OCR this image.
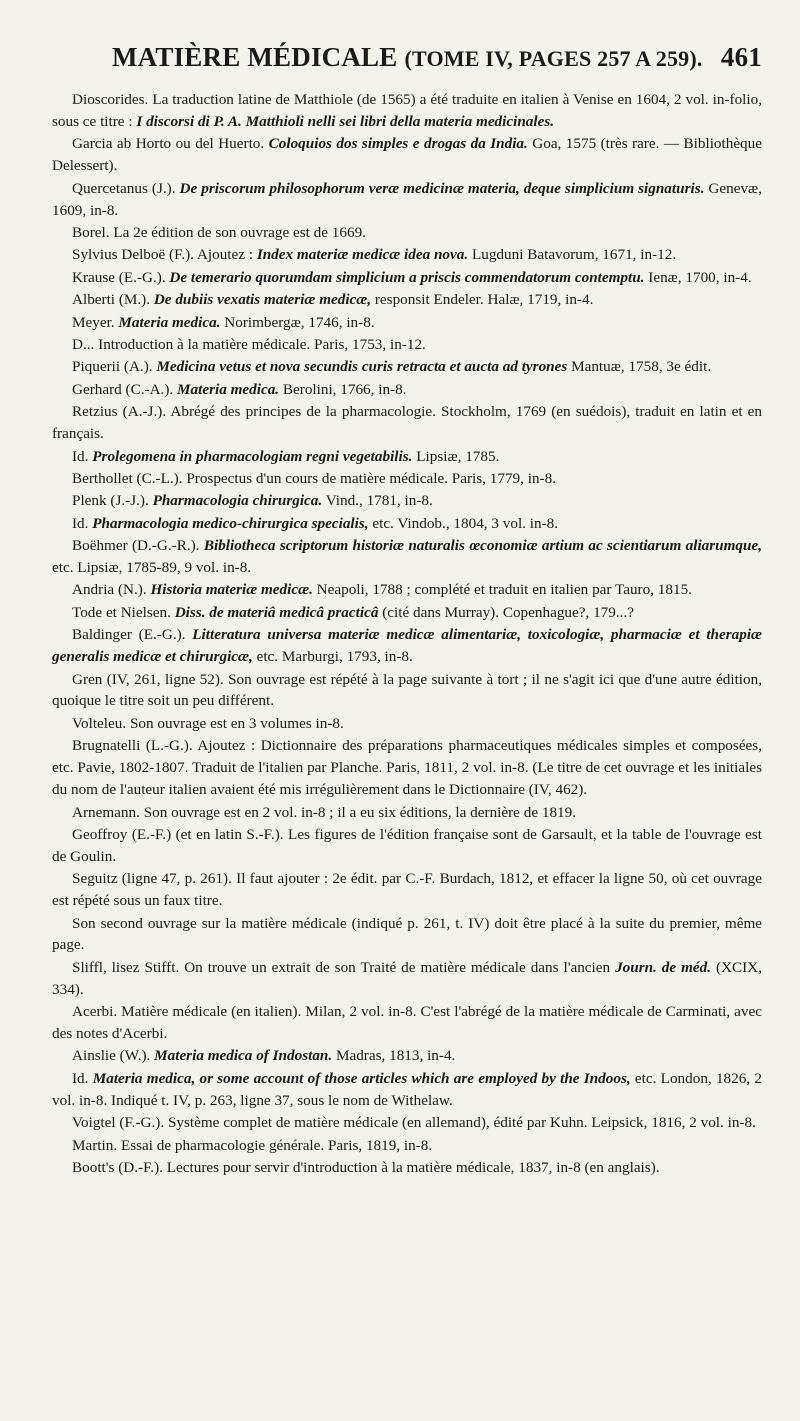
MATIÈRE MÉDICALE (TOME IV, PAGES 257 A 259). 461

Dioscorides. La traduction latine de Matthiole (de 1565) a été traduite en italien à Venise en 1604, 2 vol. in-folio, sous ce titre : I discorsi di P. A. Matthioli nelli sei libri della materia medicinales.

Garcia ab Horto ou del Huerto. Coloquios dos simples e drogas da India. Goa, 1575 (très rare. — Bibliothèque Delessert).

Quercetanus (J.). De priscorum philosophorum veræ medicinæ materia, deque simplicium signaturis. Genevæ, 1609, in-8.

Borel. La 2e édition de son ouvrage est de 1669.

Sylvius Delboë (F.). Ajoutez : Index materiæ medicæ idea nova. Lugduni Batavorum, 1671, in-12.

Krause (E.-G.). De temerario quorumdam simplicium a priscis commendatorum contemptu. Ienæ, 1700, in-4.

Alberti (M.). De dubiis vexatis materiæ medicæ, responsit Endeler. Halæ, 1719, in-4.

Meyer. Materia medica. Norimbergæ, 1746, in-8.

D... Introduction à la matière médicale. Paris, 1753, in-12.

Piquerii (A.). Medicina vetus et nova secundis curis retracta et aucta ad tyrones Mantuæ, 1758, 3e édit.

Gerhard (C.-A.). Materia medica. Berolini, 1766, in-8.

Retzius (A.-J.). Abrégé des principes de la pharmacologie. Stockholm, 1769 (en suédois), traduit en latin et en français.

Id. Prolegomena in pharmacologiam regni vegetabilis. Lipsiæ, 1785.

Berthollet (C.-L.). Prospectus d'un cours de matière médicale. Paris, 1779, in-8.

Plenk (J.-J.). Pharmacologia chirurgica. Vind., 1781, in-8.

Id. Pharmacologia medico-chirurgica specialis, etc. Vindob., 1804, 3 vol. in-8.

Boëhmer (D.-G.-R.). Bibliotheca scriptorum historiæ naturalis œconomiæ artium ac scientiarum aliarumque, etc. Lipsiæ, 1785-89, 9 vol. in-8.

Andria (N.). Historia materiæ medicæ. Neapoli, 1788 ; complété et traduit en italien par Tauro, 1815.

Tode et Nielsen. Diss. de materiâ medicâ practicâ (cité dans Murray). Copenhague?, 179...?

Baldinger (E.-G.). Litteratura universa materiæ medicæ alimentariæ, toxicologiæ, pharmaciæ et therapiæ generalis medicæ et chirurgicæ, etc. Marburgi, 1793, in-8.

Gren (IV, 261, ligne 52). Son ouvrage est répété à la page suivante à tort ; il ne s'agit ici que d'une autre édition, quoique le titre soit un peu différent.

Volteleu. Son ouvrage est en 3 volumes in-8.

Brugnatelli (L.-G.). Ajoutez : Dictionnaire des préparations pharmaceutiques médicales simples et composées, etc. Pavie, 1802-1807. Traduit de l'italien par Planche. Paris, 1811, 2 vol. in-8. (Le titre de cet ouvrage et les initiales du nom de l'auteur italien avaient été mis irrégulièrement dans le Dictionnaire (IV, 462).

Arnemann. Son ouvrage est en 2 vol. in-8 ; il a eu six éditions, la dernière de 1819.

Geoffroy (E.-F.) (et en latin S.-F.). Les figures de l'édition française sont de Garsault, et la table de l'ouvrage est de Goulin.

Seguitz (ligne 47, p. 261). Il faut ajouter : 2e édit. par C.-F. Burdach, 1812, et effacer la ligne 50, où cet ouvrage est répété sous un faux titre.

Son second ouvrage sur la matière médicale (indiqué p. 261, t. IV) doit être placé à la suite du premier, même page.

Sliffl, lisez Stifft. On trouve un extrait de son Traité de matière médicale dans l'ancien Journ. de méd. (XCIX, 334).

Acerbi. Matière médicale (en italien). Milan, 2 vol. in-8. C'est l'abrégé de la matière médicale de Carminati, avec des notes d'Acerbi.

Ainslie (W.). Materia medica of Indostan. Madras, 1813, in-4.

Id. Materia medica, or some account of those articles which are employed by the Indoos, etc. London, 1826, 2 vol. in-8. Indiqué t. IV, p. 263, ligne 37, sous le nom de Withelaw.

Voigtel (F.-G.). Système complet de matière médicale (en allemand), édité par Kuhn. Leipsick, 1816, 2 vol. in-8.

Martin. Essai de pharmacologie générale. Paris, 1819, in-8.

Boott's (D.-F.). Lectures pour servir d'introduction à la matière médicale, 1837, in-8 (en anglais).
